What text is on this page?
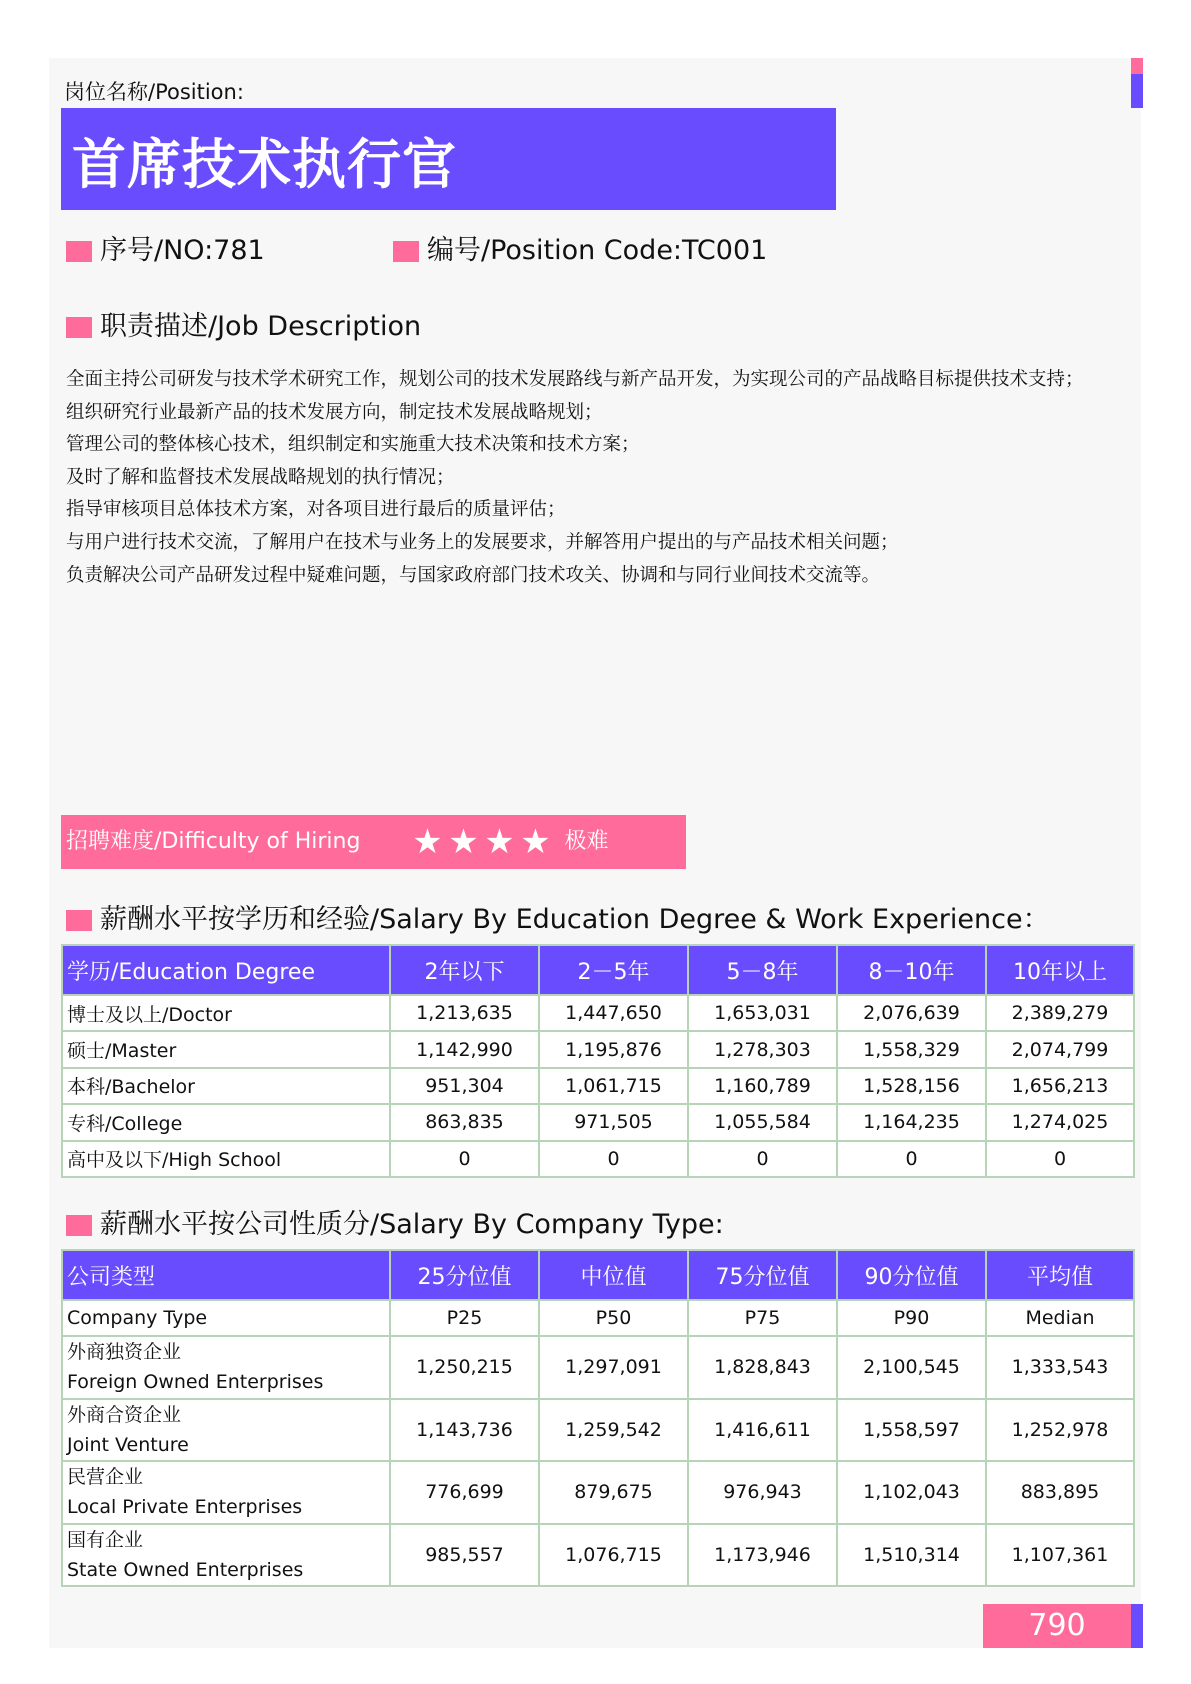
岗位名称/Position:
首席技术执行官
序号/NO:781	编号/Position Code:TC001
职责描述/Job Description

全面主持公司研发与技术学术研究工作，规划公司的技术发展路线与新产品开发，为实现公司的产品战略目标提供技术支持；

组织研究行业最新产品的技术发展方向，制定技术发展战略规划；

管理公司的整体核心技术，组织制定和实施重大技术决策和技术方案；

及时了解和监督技术发展战略规划的执行情况；

指导审核项目总体技术方案，对各项目进行最后的质量评估；

与用户进行技术交流，了解用户在技术与业务上的发展要求，并解答用户提出的与产品技术相关问题；

负责解决公司产品研发过程中疑难问题，与国家政府部门技术攻关、协调和与同行业间技术交流等。

招聘难度/Difficulty of Hiring ★ ★ ★ ★ 极难
薪酬水平按学历和经验/Salary By Education Degree & Work Experience：
学历/Education Degree	2年以下	2－5年	5－8年	8－10年	10年以上
博士及以上/Doctor	1,213,635	1,447,650	1,653,031	2,076,639	2,389,279
硕士/Master	1,142,990	1,195,876	1,278,303	1,558,329	2,074,799
本科/Bachelor	951,304	1,061,715	1,160,789	1,528,156	1,656,213
专科/College	863,835	971,505	1,055,584	1,164,235	1,274,025
高中及以下/High School	0	0	0	0	0
薪酬水平按公司性质分/Salary By Company Type:
公司类型	25分位值	中位值	75分位值	90分位值	平均值
Company Type	P25	P50	P75	P90	Median

外商独资企业
Foreign Owned Enterprises	1,250,215	1,297,091	1,828,843	2,100,545	1,333,543

外商合资企业
Joint Venture	1,143,736	1,259,542	1,416,611	1,558,597	1,252,978

民营企业
Local Private Enterprises	776,699	879,675	976,943	1,102,043	883,895

国有企业
State Owned Enterprises	985,557	1,076,715	1,173,946	1,510,314	1,107,361
790
